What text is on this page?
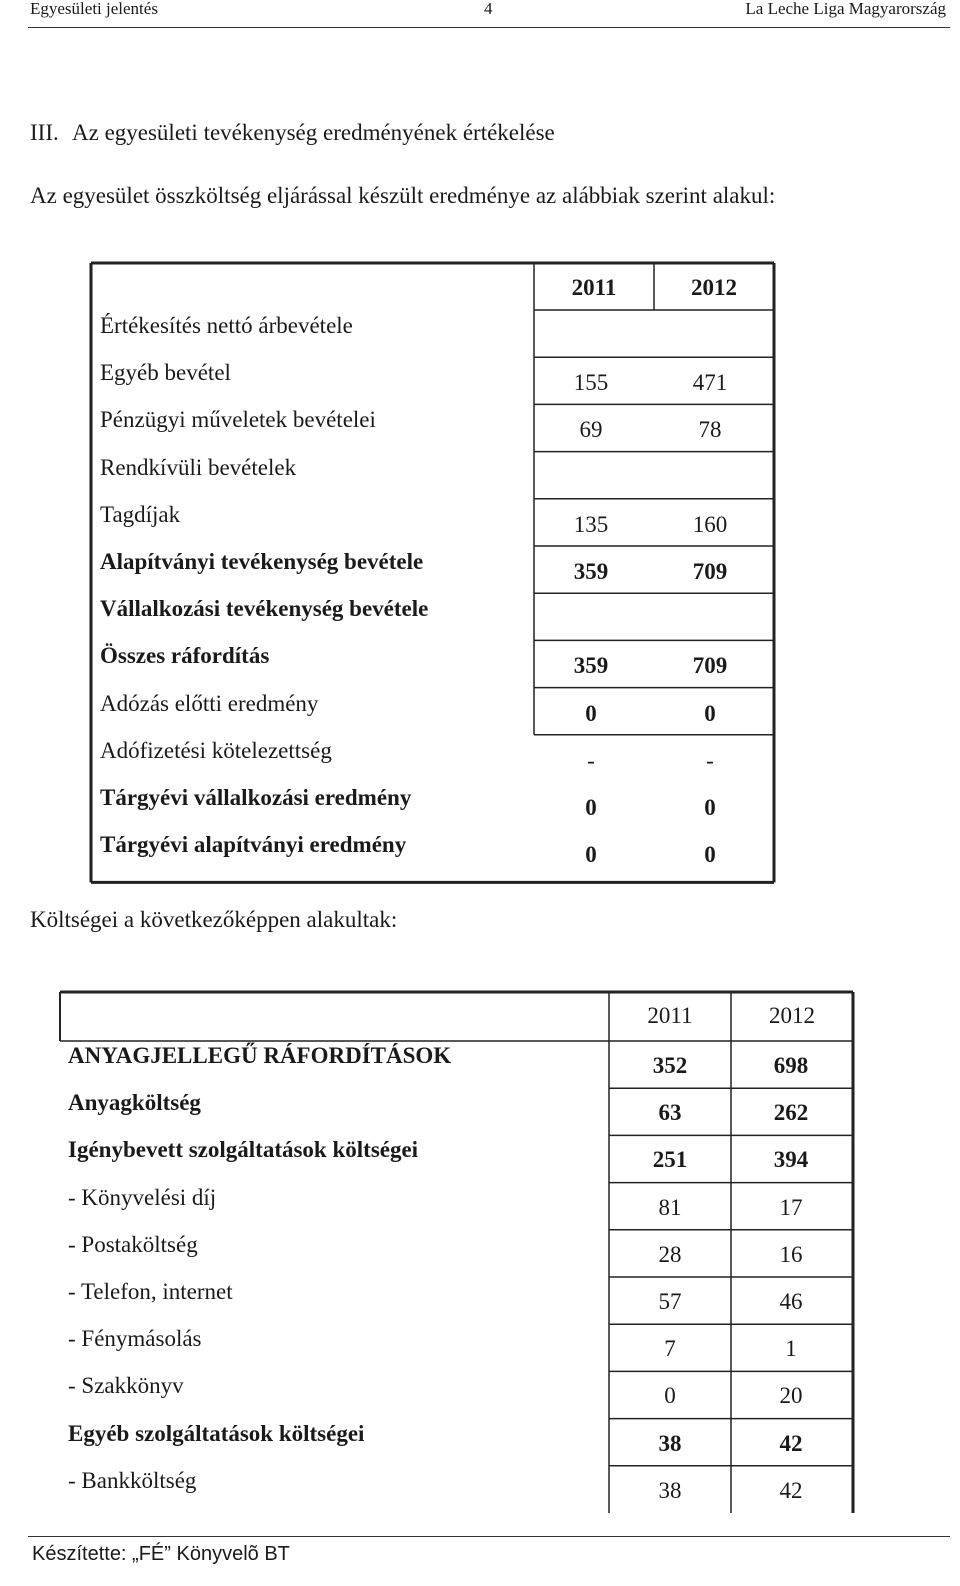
Egyesületi jelentés	4	La Leche Liga Magyarország
III. Az egyesületi tevékenység eredményének értékelése
Az egyesület összköltség eljárással készült eredménye az alábbiak szerint alakul:
2011	2012
Értékesítés nettó árbevétele
Egyéb bevétel	155	471
Pénzügyi műveletek bevételei	69	78
Rendkívüli bevételek
Tagdíjak	135	160
Alapítványi tevékenység bevétele	359	709
Vállalkozási tevékenység bevétele
Összes ráfordítás	359	709
Adózás előtti eredmény	0	0
Adófizetési kötelezettség	-	-
Tárgyévi vállalkozási eredmény	0	0
Tárgyévi alapítványi eredmény	0	0
Költségei a következőképpen alakultak:
2011	2012
ANYAGJELLEGŰ RÁFORDÍTÁSOK	352	698
Anyagköltség	63	262
Igénybevett szolgáltatások költségei	251	394
- Könyvelési díj	81	17
- Postaköltség	28	16
- Telefon, internet	57	46
- Fénymásolás	7	1
- Szakkönyv	0	20
Egyéb szolgáltatások költségei	38	42
- Bankköltség	38	42
Készítette: „FÉ” Könyvelõ BT
